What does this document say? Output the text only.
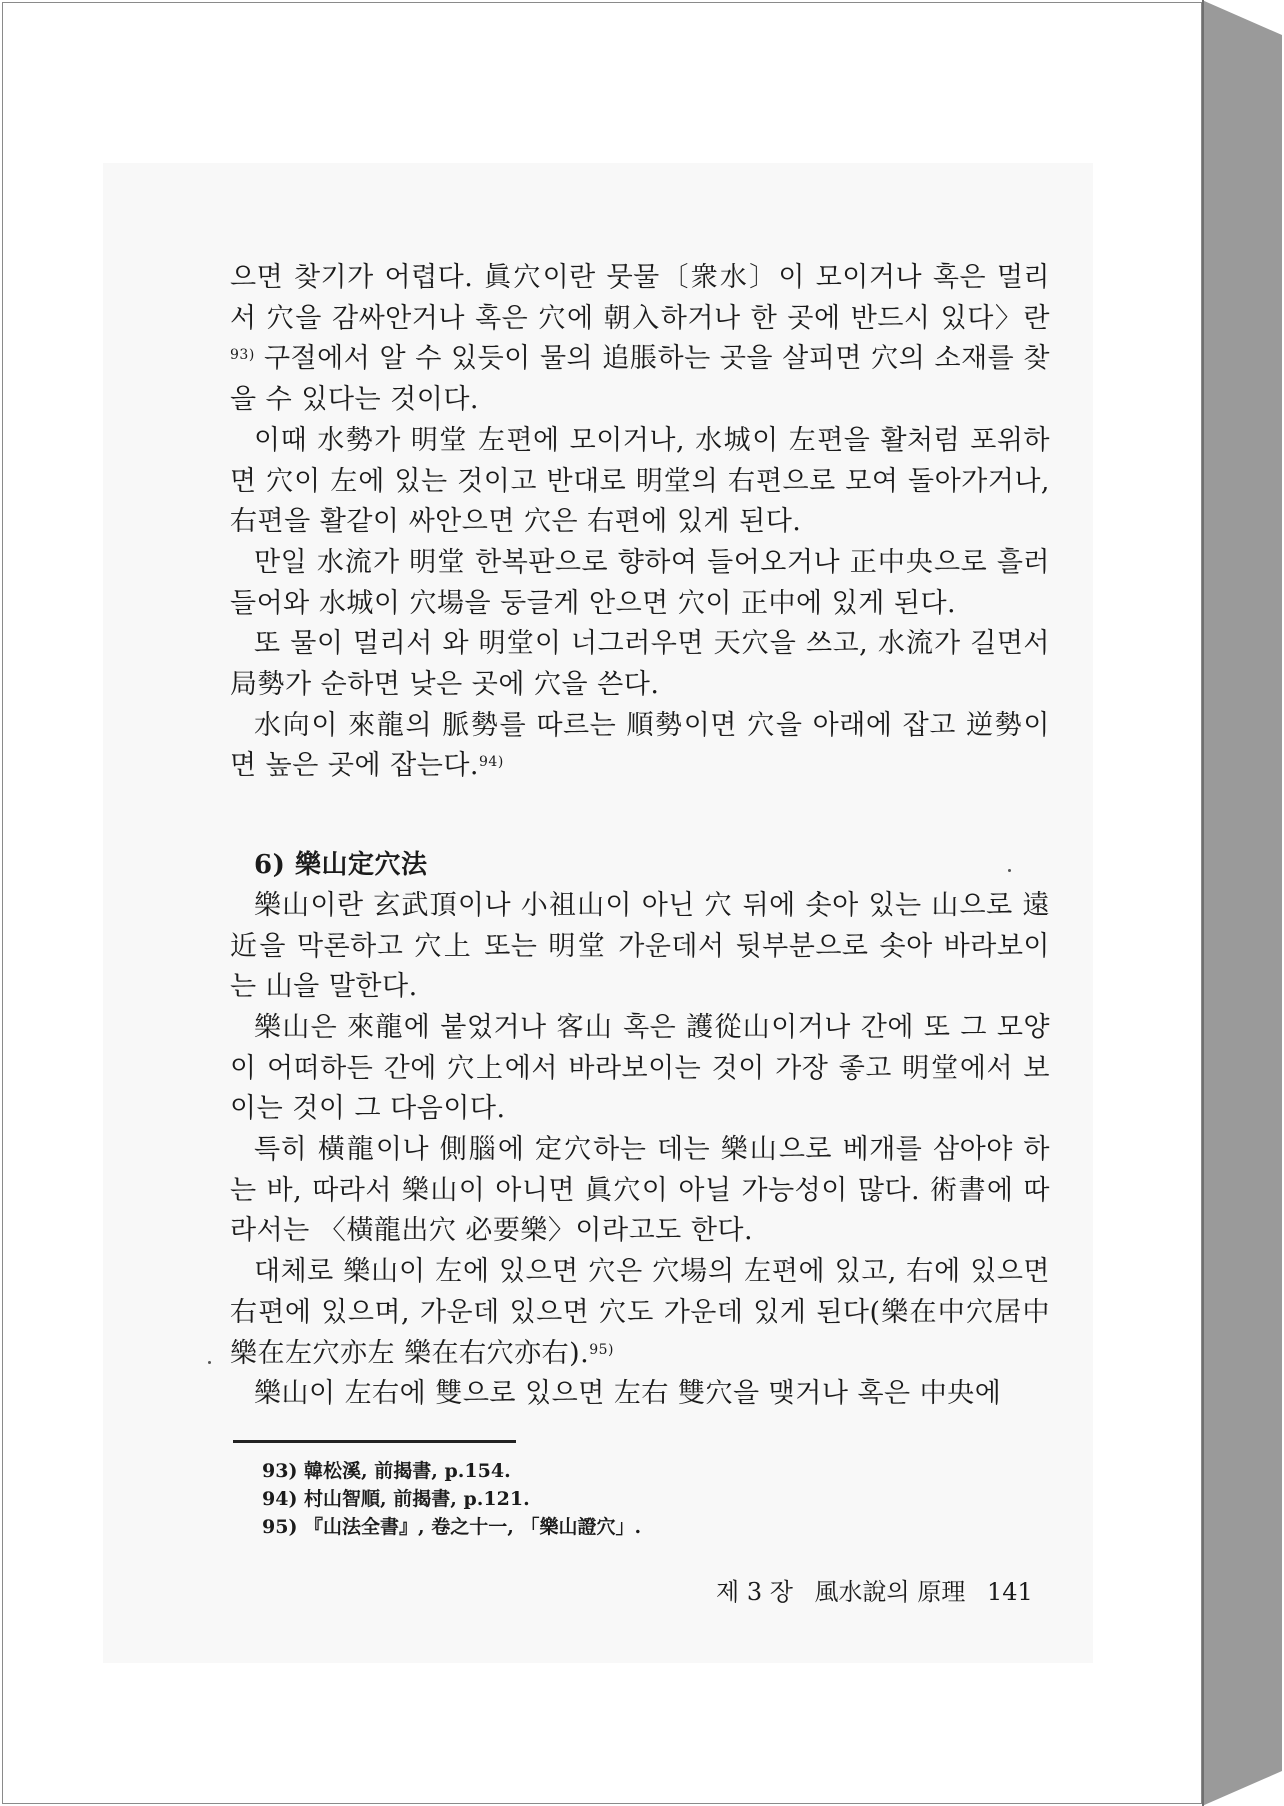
으면 찾기가 어렵다. 眞穴이란 뭇물〔衆水〕이 모이거나 혹은 멀리서 穴을 감싸안거나 혹은 穴에 朝入하거나 한 곳에 반드시 있다〉란$^{93)}$ 구절에서 알 수 있듯이 물의 追脹하는 곳을 살피면 穴의 소재를 찾을 수 있다는 것이다.

이때 水勢가 明堂 左편에 모이거나, 水城이 左편을 활처럼 포위하면 穴이 左에 있는 것이고 반대로 明堂의 右편으로 모여 돌아가거나, 右편을 활같이 싸안으면 穴은 右편에 있게 된다.

만일 水流가 明堂 한복판으로 향하여 들어오거나 正中央으로 흘러 들어와 水城이 穴場을 둥글게 안으면 穴이 正中에 있게 된다.

또 물이 멀리서 와 明堂이 너그러우면 天穴을 쓰고, 水流가 길면서 局勢가 순하면 낮은 곳에 穴을 쓴다.

水向이 來龍의 脈勢를 따르는 順勢이면 穴을 아래에 잡고 逆勢이면 높은 곳에 잡는다.$^{94)}$

6) 樂山定穴法

樂山이란 玄武頂이나 小祖山이 아닌 穴 뒤에 솟아 있는 山으로 遠近을 막론하고 穴上 또는 明堂 가운데서 뒷부분으로 솟아 바라보이는 山을 말한다.

樂山은 來龍에 붙었거나 客山 혹은 護從山이거나 간에 또 그 모양이 어떠하든 간에 穴上에서 바라보이는 것이 가장 좋고 明堂에서 보이는 것이 그 다음이다.

특히 橫龍이나 側腦에 定穴하는 데는 樂山으로 베개를 삼아야 하는 바, 따라서 樂山이 아니면 眞穴이 아닐 가능성이 많다. 術書에 따라서는 〈橫龍出穴 必要樂〉이라고도 한다.

대체로 樂山이 左에 있으면 穴은 穴場의 左편에 있고, 右에 있으면 右편에 있으며, 가운데 있으면 穴도 가운데 있게 된다(樂在中穴居中 樂在左穴亦左 樂在右穴亦右).$^{95)}$

樂山이 左右에 雙으로 있으면 左右 雙穴을 맺거나 혹은 中央에

93) 韓松溪, 前揭書, p.154.
94) 村山智順, 前揭書, p.121.
95) 『山法全書』, 卷之十一, 「樂山證穴」.
제 3 장 風水說의 原理 141
